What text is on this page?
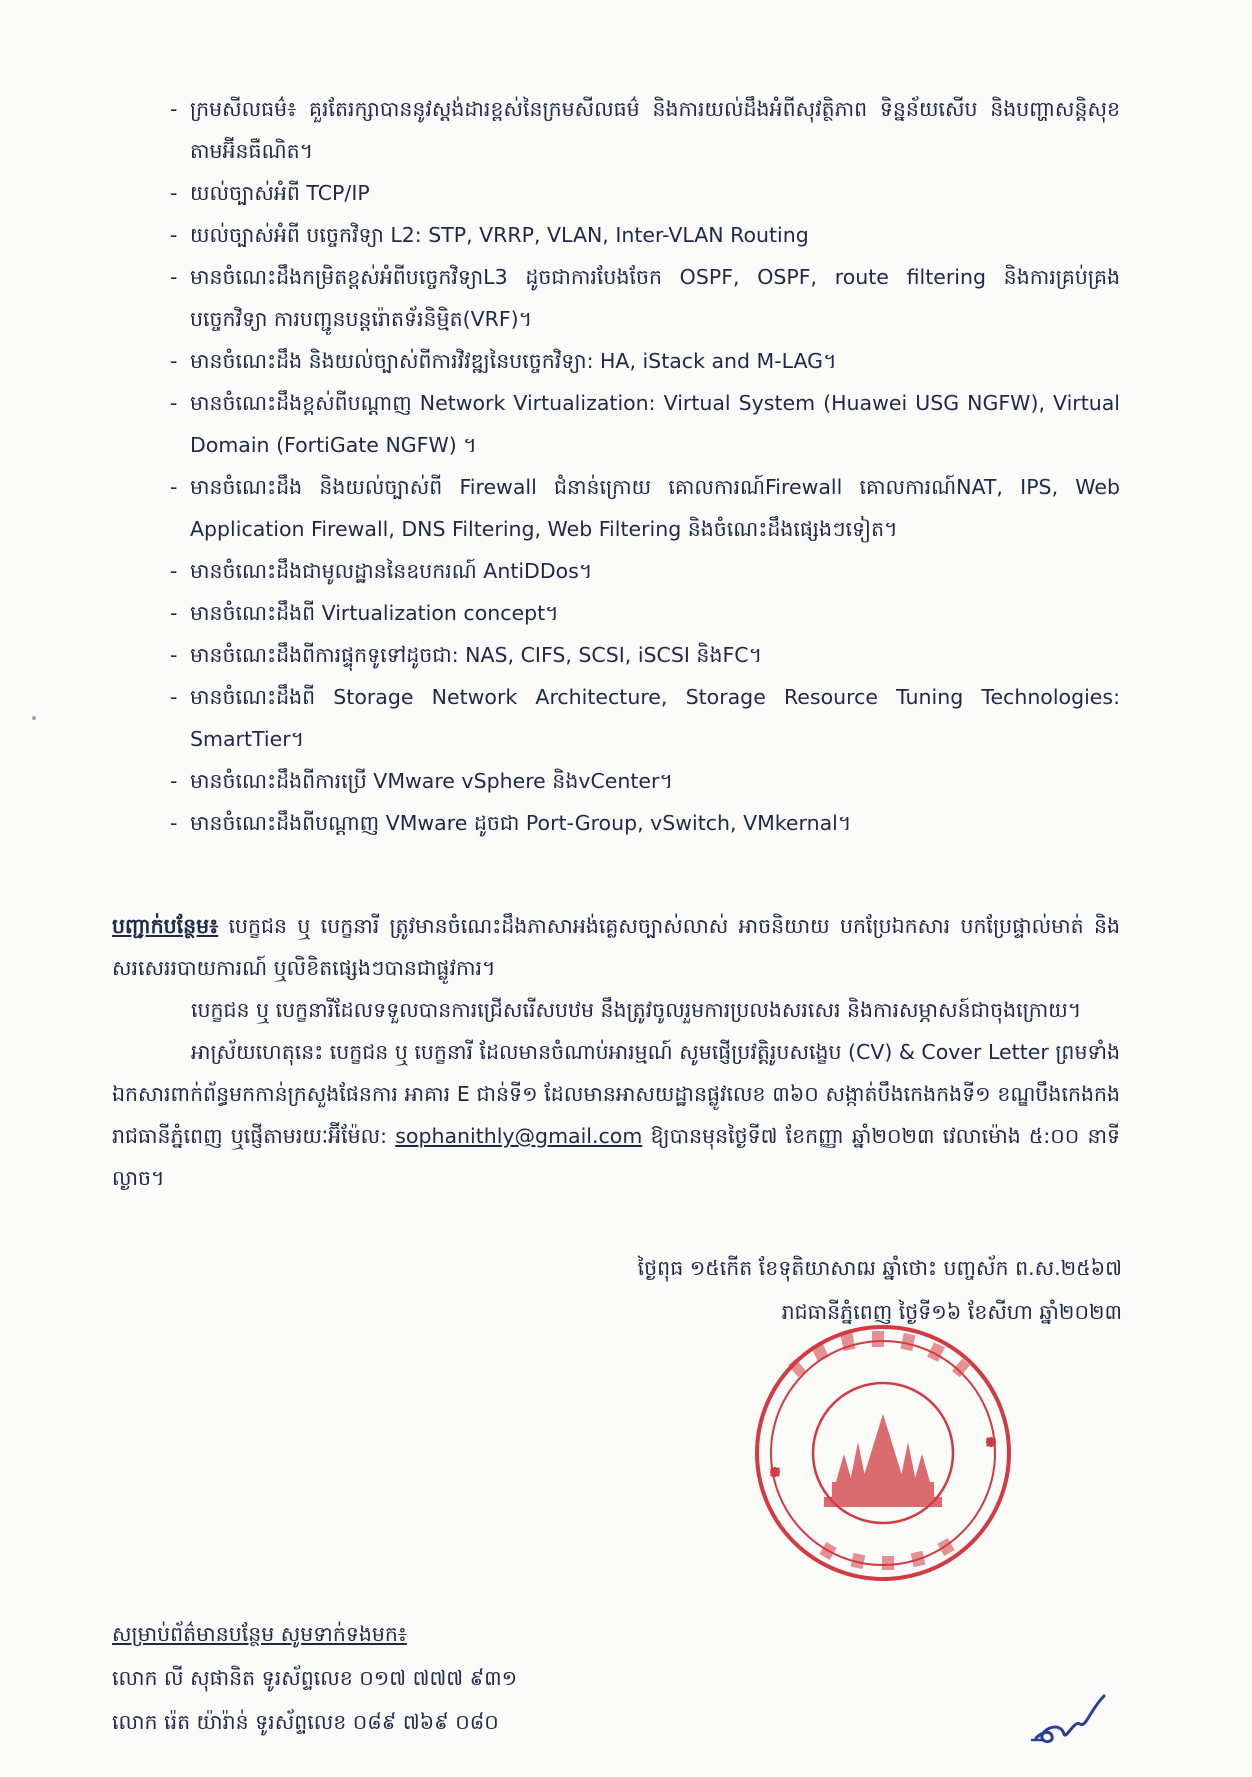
- ក្រមសីលធម៌៖ គួរតែរក្សាបាននូវស្តង់ដារខ្ពស់នៃក្រមសីលធម៌ និងការយល់ដឹងអំពីសុវត្ថិភាព ទិន្នន័យសេីប និងបញ្ហាសន្តិសុខតាមអ៊ីនធឺណិត។
- យល់ច្បាស់អំពី TCP/IP
- យល់ច្បាស់អំពី បច្ចេកវិទ្យា L2: STP, VRRP, VLAN, Inter-VLAN Routing
- មានចំណេះដឹងកម្រិតខ្ពស់អំពីបច្ចេកវិទ្យាL3 ដូចជាការបែងចែក OSPF, OSPF, route filtering និងការគ្រប់គ្រងបច្ចេកវិទ្យា ការបញ្ជូនបន្តរ៉ោតទ័រនិម្មិត(VRF)។
- មានចំណេះដឹង និងយល់ច្បាស់ពីការវិវឌ្ឍនៃបច្ចេកវិទ្យា: HA, iStack and M-LAG។
- មានចំណេះដឹងខ្ពស់ពីបណ្តាញ Network Virtualization: Virtual System (Huawei USG NGFW), Virtual Domain (FortiGate NGFW) ។
- មានចំណេះដឹង និងយល់ច្បាស់ពី Firewall ជំនាន់ក្រោយ គោលការណ៍Firewall គោលការណ៍NAT, IPS, Web Application Firewall, DNS Filtering, Web Filtering និងចំណេះដឹងផ្សេងៗទៀត។
- មានចំណេះដឹងជាមូលដ្ឋាននៃឧបករណ៍ AntiDDos។
- មានចំណេះដឹងពី Virtualization concept។
- មានចំណេះដឹងពីការផ្ទុកទូទៅដូចជា: NAS, CIFS, SCSI, iSCSI និងFC។
- មានចំណេះដឹងពី Storage Network Architecture, Storage Resource Tuning Technologies: SmartTier។
- មានចំណេះដឹងពីការប្រើ VMware vSphere និងvCenter។
- មានចំណេះដឹងពីបណ្តាញ VMware ដូចជា Port-Group, vSwitch, VMkernal។

បញ្ជាក់បន្ថែម៖ បេក្ខជន ឬ បេក្ខនារី ត្រូវមានចំណេះដឹងភាសាអង់គ្លេសច្បាស់លាស់ អាចនិយាយ បកប្រែឯកសារ បកប្រែផ្ទាល់មាត់ និងសរសេររបាយការណ៍ ឬលិខិតផ្សេងៗបានជាផ្លូវការ។

បេក្ខជន ឬ បេក្ខនារីដែលទទួលបានការជ្រើសរើសបឋម នឹងត្រូវចូលរួមការប្រលងសរសេរ និងការសម្ភាសន៍ជាចុងក្រោយ។

អាស្រ័យហេតុនេះ បេក្ខជន ឬ បេក្ខនារី ដែលមានចំណាប់អារម្មណ៍ សូមផ្ញើប្រវត្តិរូបសង្ខេប (CV) & Cover Letter ព្រមទាំងឯកសារពាក់ព័ន្ធមកកាន់ក្រសួងផែនការ អាគារ E ជាន់ទី១ ដែលមានអាសយដ្ឋានផ្លូវលេខ ៣៦០ សង្កាត់បឹងកេងកងទី១ ខណ្ឌបឹងកេងកង រាជធានីភ្នំពេញ ឬផ្ញើតាមរយៈអ៊ីម៉ែល: sophanithly@gmail.com ឱ្យបានមុនថ្ងៃទី៧ ខែកញ្ញា ឆ្នាំ២០២៣ វេលាម៉ោង ៥:០០ នាទីល្ងាច។

ថ្ងៃពុធ ១៥កេីត ខែទុតិយាសាឍ ឆ្នាំថោះ បញ្ចស័ក ព.ស.២៥៦៧
រាជធានីភ្នំពេញ ថ្ងៃទី១៦ ខែសីហា ឆ្នាំ២០២៣
សម្រាប់ព័ត៌មានបន្ថែម សូមទាក់ទងមក៖
លោក លី សុផានិត ទូរស័ព្ទលេខ ០១៧ ៧៧៧ ៩៣១
លោក រ៉េត យ៉ារ៉ាន់ ទូរស័ព្ទលេខ ០៨៩ ៧៦៩ ០៨០
